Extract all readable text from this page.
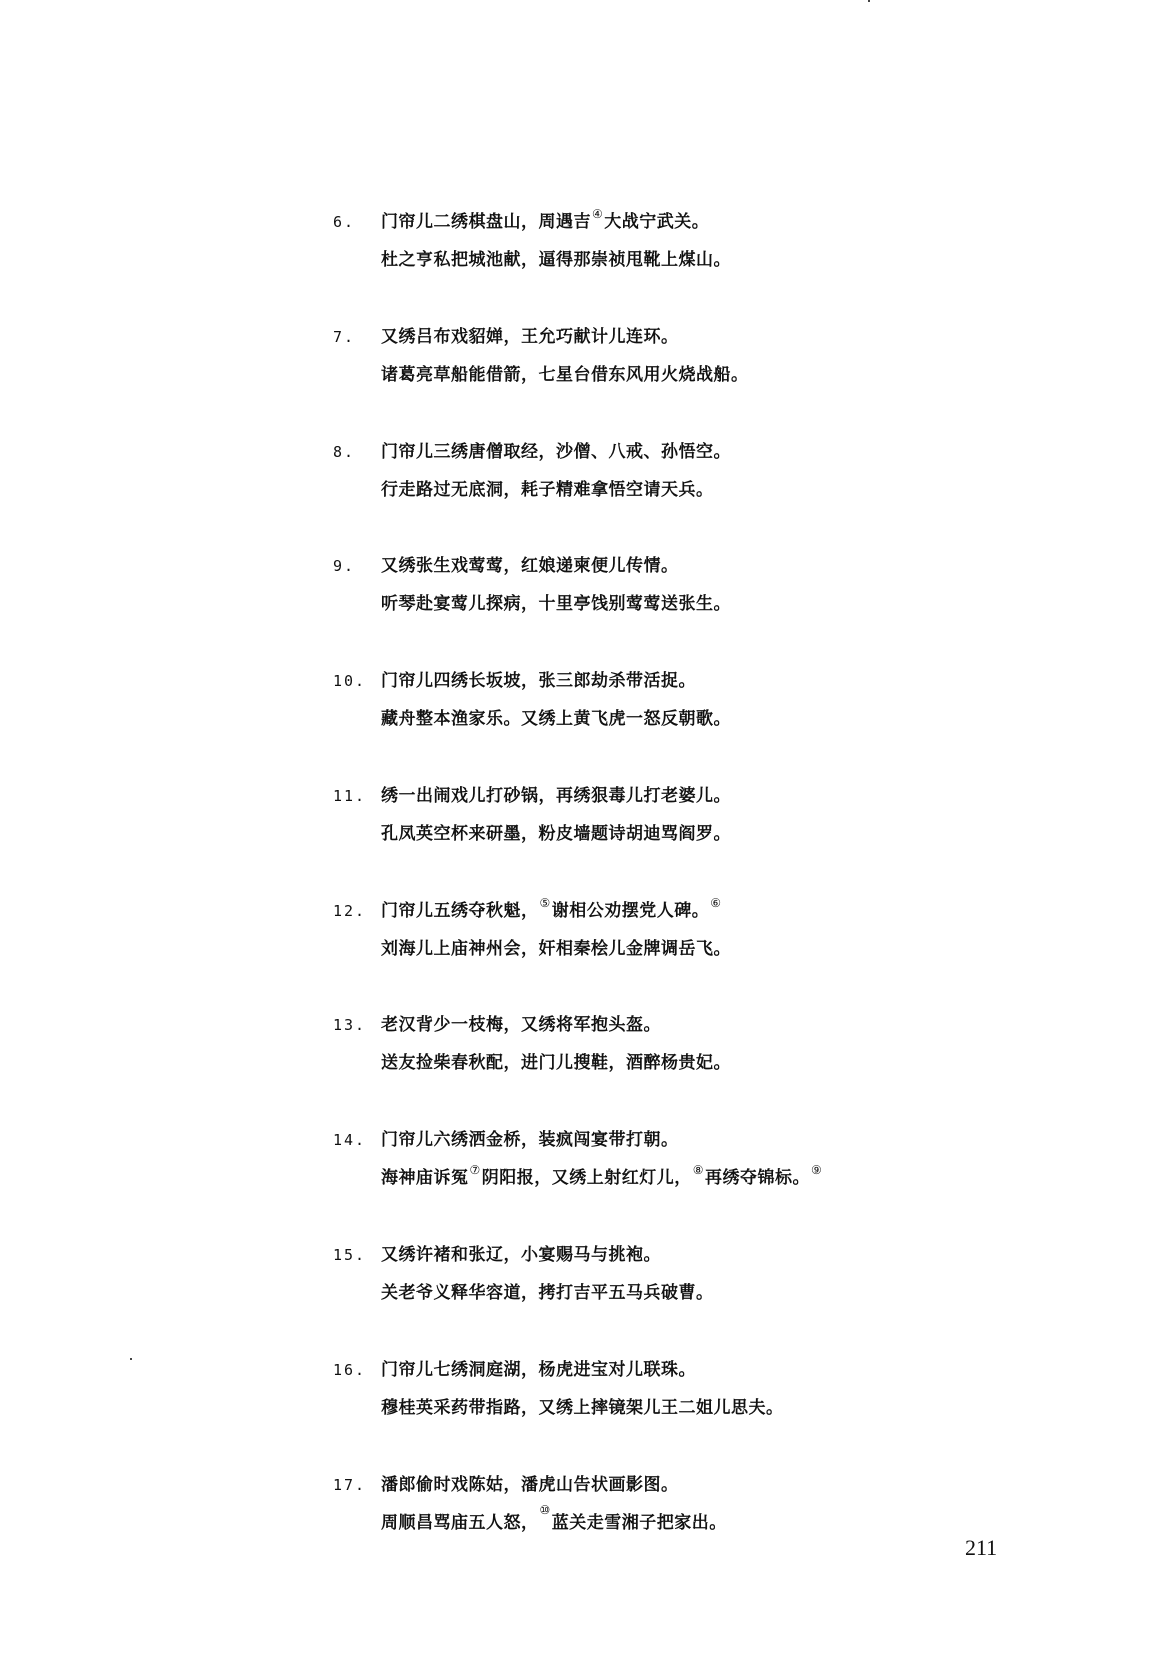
6.	门帘儿二绣棋盘山，周遇吉④大战宁武关。
杜之亨私把城池献，逼得那崇祯甩靴上煤山。
7.	又绣吕布戏貂婵，王允巧献计儿连环。
诸葛亮草船能借箭，七星台借东风用火烧战船。
8.	门帘儿三绣唐僧取经，沙僧、八戒、孙悟空。
行走路过无底洞，耗子精难拿悟空请天兵。
9.	又绣张生戏莺莺，红娘递柬便儿传情。
听琴赴宴莺儿探病，十里亭饯别莺莺送张生。
10. 门帘儿四绣长坂坡，张三郎劫杀带活捉。
藏舟整本渔家乐。又绣上黄飞虎一怒反朝歌。
11. 绣一出闹戏儿打砂锅，再绣狠毒儿打老婆儿。
孔凤英空杯来研墨，粉皮墙题诗胡迪骂阎罗。
12. 门帘儿五绣夺秋魁，⑤谢相公劝摆党人碑。⑥
刘海儿上庙神州会，奸相秦桧儿金牌调岳飞。
13. 老汉背少一枝梅，又绣将军抱头盔。
送友捡柴春秋配，进门儿搜鞋，酒醉杨贵妃。
14. 门帘儿六绣洒金桥，装疯闯宴带打朝。
海神庙诉冤⑦阴阳报，又绣上射红灯儿，⑧再绣夺锦标。⑨
15. 又绣许褚和张辽，小宴赐马与挑袍。
关老爷义释华容道，拷打吉平五马兵破曹。
16. 门帘儿七绣洞庭湖，杨虎进宝对儿联珠。
穆桂英采药带指路，又绣上摔镜架儿王二姐儿思夫。
17. 潘郎偷时戏陈姑，潘虎山告状画影图。
周顺昌骂庙五人怒，⑩蓝关走雪湘子把家出。
211
